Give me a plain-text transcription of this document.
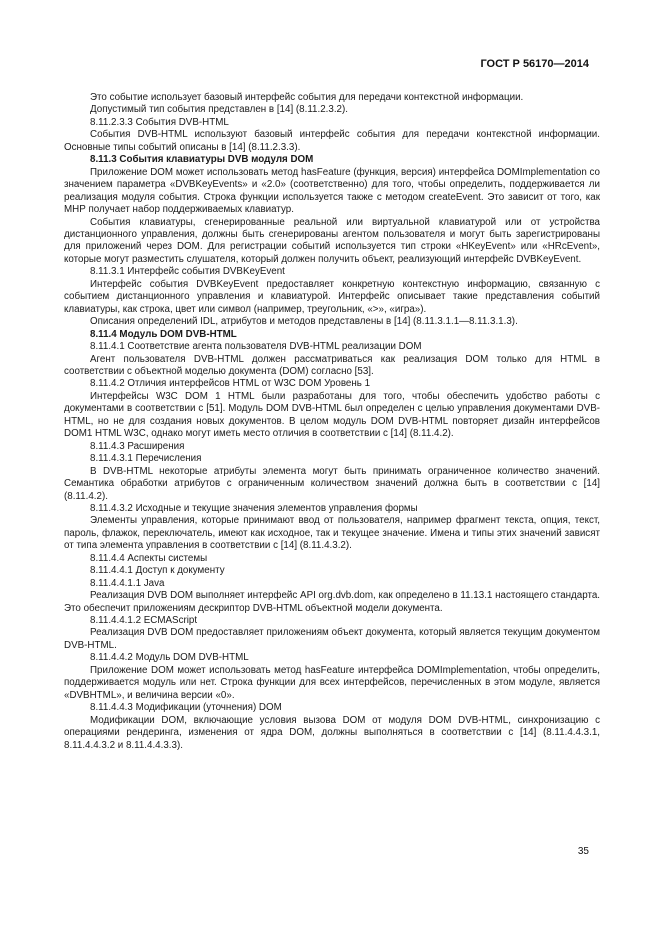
ГОСТ Р 56170—2014

Это событие использует базовый интерфейс события для передачи контекстной информации.

Допустимый тип события представлен в [14] (8.11.2.3.2).

8.11.2.3.3 События DVB-HTML

События DVB-HTML используют базовый интерфейс события для передачи контекстной информации. Основные типы событий описаны в [14] (8.11.2.3.3).

8.11.3 События клавиатуры DVB модуля DOM

Приложение DOM может использовать метод hasFeature (функция, версия) интерфейса DOMImplementation со значением параметра «DVBKeyEvents» и «2.0» (соответственно) для того, чтобы определить, поддерживается ли реализация модуля события. Строка функции используется также с методом createEvent. Это зависит от того, как МНР получает набор поддерживаемых клавиатур.

События клавиатуры, сгенерированные реальной или виртуальной клавиатурой или от устройства дистанционного управления, должны быть сгенерированы агентом пользователя и могут быть зарегистрированы для приложений через DOM. Для регистрации событий используется тип строки «HKeyEvent» или «HRcEvent», которые могут разместить слушателя, который должен получить объект, реализующий интерфейс DVBKeyEvent.

8.11.3.1 Интерфейс события DVBKeyEvent

Интерфейс события DVBKeyEvent предоставляет конкретную контекстную информацию, связанную с событием дистанционного управления и клавиатурой. Интерфейс описывает такие представления событий клавиатуры, как строка, цвет или символ (например, треугольник, «>», «игра»).

Описания определений IDL, атрибутов и методов представлены в [14] (8.11.3.1.1—8.11.3.1.3).

8.11.4 Модуль DOM DVB-HTML

8.11.4.1 Соответствие агента пользователя DVB-HTML реализации DOM

Агент пользователя DVB-HTML должен рассматриваться как реализация DOM только для HTML в соответствии с объектной моделью документа (DOM) согласно [53].

8.11.4.2 Отличия интерфейсов HTML от W3C DOM Уровень 1

Интерфейсы W3C DOM 1 HTML были разработаны для того, чтобы обеспечить удобство работы с документами в соответствии с [51]. Модуль DOM DVB-HTML был определен с целью управления документами DVB-HTML, но не для создания новых документов. В целом модуль DOM DVB-HTML повторяет дизайн интерфейсов DOM1 HTML W3C, однако могут иметь место отличия в соответствии с [14] (8.11.4.2).

8.11.4.3 Расширения

8.11.4.3.1 Перечисления

В DVB-HTML некоторые атрибуты элемента могут быть принимать ограниченное количество значений. Семантика обработки атрибутов с ограниченным количеством значений должна быть в соответствии с [14] (8.11.4.2).

8.11.4.3.2 Исходные и текущие значения элементов управления формы

Элементы управления, которые принимают ввод от пользователя, например фрагмент текста, опция, текст, пароль, флажок, переключатель, имеют как исходное, так и текущее значение. Имена и типы этих значений зависят от типа элемента управления в соответствии с [14] (8.11.4.3.2).

8.11.4.4 Аспекты системы

8.11.4.4.1 Доступ к документу

8.11.4.4.1.1 Java

Реализация DVB DOM выполняет интерфейс API org.dvb.dom, как определено в 11.13.1 настоящего стандарта. Это обеспечит приложениям дескриптор DVB-HTML объектной модели документа.

8.11.4.4.1.2 ECMAScript

Реализация DVB DOM предоставляет приложениям объект документа, который является текущим документом DVB-HTML.

8.11.4.4.2 Модуль DOM DVB-HTML

Приложение DOM может использовать метод hasFeature интерфейса DOMImplementation, чтобы определить, поддерживается модуль или нет. Строка функции для всех интерфейсов, перечисленных в этом модуле, является «DVBHTML», и величина версии «0».

8.11.4.4.3 Модификации (уточнения) DOM

Модификации DOM, включающие условия вызова DOM от модуля DOM DVB-HTML, синхронизацию с операциями рендеринга, изменения от ядра DOM, должны выполняться в соответствии с [14] (8.11.4.4.3.1, 8.11.4.4.3.2 и 8.11.4.4.3.3).

35
